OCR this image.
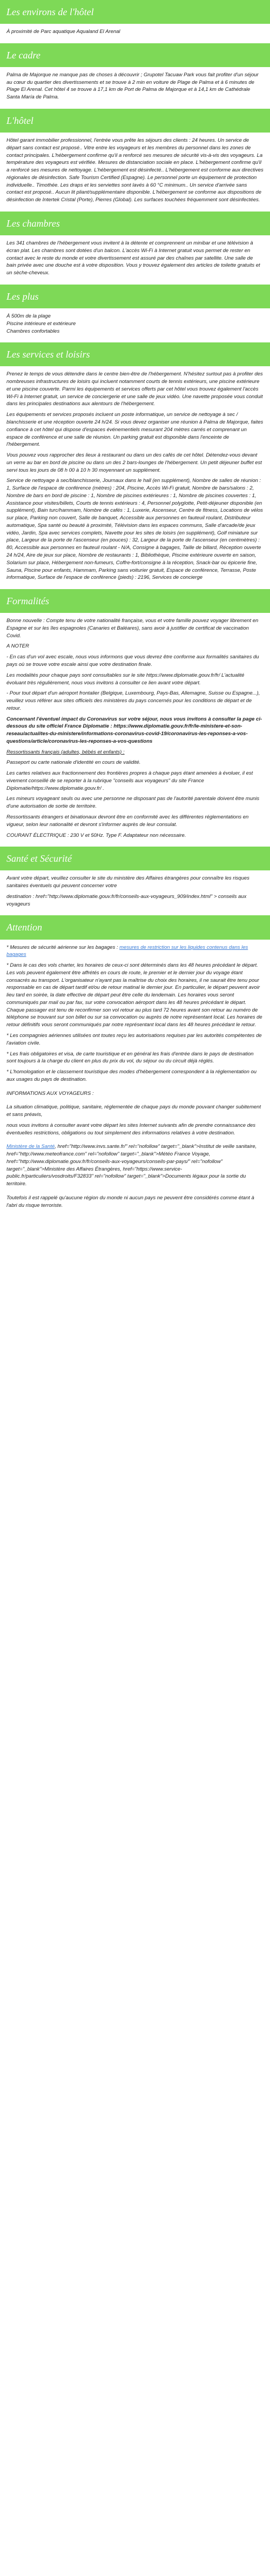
Les environs de l'hôtel

À proximité de Parc aquatique Aqualand El Arenal

Le cadre

Palma de Majorque ne manque pas de choses à découvrir ; Grupotel Tacuaw Park vous fait profiter d'un séjour au cœur du quartier des divertissements et se trouve à 2 min en voiture de Plage de Palma et à 6 minutes de Plage El Arenal. Cet hôtel 4 se trouve à 17,1 km de Port de Palma de Majorque et à 14,1 km de Cathédrale Santa María de Palma.

L'hôtel

Hôtel garant immobilier professionnel, l'entrée vous prête les séjours des clients : 24 heures. Un service de départ sans contact est proposé.. Vitre entre les voyageurs et les membres du personnel dans les zones de contact principales. L'hébergement confirme qu'il a renforcé ses mesures de sécurité vis-à-vis des voyageurs. La température des voyageurs est vérifiée. Mesures de distanciation sociale en place. L'hébergement confirme qu'il a renforcé ses mesures de nettoyage. L'hébergement est désinfecté.. L'hébergement est conforme aux directives régionales de désinfection. Safe Tourism Certified (Espagne). Le personnel porte un équipement de protection individuelle.. Timothée. Les draps et les serviettes sont lavés à 60 °C minimum.. Un service d'arrivée sans contact est proposé.. Aucun lit pliant/supplémentaire disponible. L'hébergement se conforme aux dispositions de désinfection de Intertek Cristal (Porte), Pierres (Global). Les surfaces touchées fréquemment sont désinfectées.

Les chambres

Les 341 chambres de l'hébergement vous invitent à la détente et comprennent un minibar et une télévision à écran plat. Les chambres sont dotées d'un balcon. L'accès Wi-Fi à Internet gratuit vous permet de rester en contact avec le reste du monde et votre divertissement est assuré par des chaînes par satellite. Une salle de bain privée avec une douche est à votre disposition. Vous y trouvez également des articles de toilette gratuits et un sèche-cheveux.

Les plus
À 500m de la plage
Piscine intérieure et extérieure
Chambres confortables
Les services et loisirs

Prenez le temps de vous détendre dans le centre bien-être de l'hébergement. N'hésitez surtout pas à profiter des nombreuses infrastructures de loisirs qui incluent notamment courts de tennis extérieurs, une piscine extérieure et une piscine couverte. Parmi les équipements et services offerts par cet hôtel vous trouvez également l'accès Wi-Fi à Internet gratuit, un service de conciergerie et une salle de jeux vidéo. Une navette proposée vous conduit dans les principales destinations aux alentours de l'hébergement.

Les équipements et services proposés incluent un poste informatique, un service de nettoyage à sec / blanchisserie et une réception ouverte 24 h/24. Si vous devez organiser une réunion à Palma de Majorque, faites confiance à cet hôtel qui dispose d'espaces événementiels mesurant 204 mètres carrés et comprenant un espace de conférence et une salle de réunion. Un parking gratuit est disponible dans l'enceinte de l'hébergement.

Vous pouvez vous rapprocher des lieux à restaurant ou dans un des cafés de cet hôtel. Détendez-vous devant un verre au bar en bord de piscine ou dans un des 2 bars-lounges de l'hébergement. Un petit déjeuner buffet est servi tous les jours de 08 h 00 à 10 h 30 moyennant un supplément.

Service de nettoyage à sec/blanchisserie, Journaux dans le hall (en supplément), Nombre de salles de réunion : 1, Surface de l'espace de conférence (mètres) : 204, Piscine, Accès Wi-Fi gratuit, Nombre de bars/salons : 2, Nombre de bars en bord de piscine : 1, Nombre de piscines extérieures : 1, Nombre de piscines couvertes : 1, Assistance pour visites/billets, Courts de tennis extérieurs : 4, Personnel polyglotte, Petit-déjeuner disponible (en supplément), Bain turc/hammam, Nombre de cafés : 1, Luxerie, Ascenseur, Centre de fitness, Locations de vélos sur place, Parking non couvert, Salle de banquet, Accessible aux personnes en fauteuil roulant, Distributeur automatique, Spa santé ou beauté à proximité, Télévision dans les espaces communs, Salle d'arcade/de jeux vidéo, Jardin, Spa avec services complets, Navette pour les sites de loisirs (en supplément), Golf miniature sur place, Largeur de la porte de l'ascenseur (en pouces) : 32, Largeur de la porte de l'ascenseur (en centimètres) : 80, Accessible aux personnes en fauteuil roulant - N/A, Consigne à bagages, Taille de billard, Réception ouverte 24 h/24, Aire de jeux sur place, Nombre de restaurants : 1, Bibliothèque, Piscine extérieure ouverte en saison, Solarium sur place, Hébergement non-fumeurs, Coffre-fort/consigne à la réception, Snack-bar ou épicerie fine, Sauna, Piscine pour enfants, Hammam, Parking sans voiturier gratuit, Espace de conférence, Terrasse, Poste informatique, Surface de l'espace de conférence (pieds) : 2196, Services de concierge

Formalités

Bonne nouvelle : Compte tenu de votre nationalité française, vous et votre famille pouvez voyager librement en Espagne et sur les îles espagnoles (Canaries et Baléares), sans avoir à justifier de certificat de vaccination Covid.

A NOTER

- En cas d'un vol avec escale, nous vous informons que vous devrez être conforme aux formalités sanitaires du pays où se trouve votre escale ainsi que votre destination finale.

Les modalités pour chaque pays sont consultables sur le site https://www.diplomatie.gouv.fr/fr/ L'actualité évoluant très régulièrement, nous vous invitons à consulter ce lien avant votre départ.

- Pour tout départ d'un aéroport frontalier (Belgique, Luxembourg, Pays-Bas, Allemagne, Suisse ou Espagne...), veuillez vous référer aux sites officiels des ministères du pays concernés pour les conditions de départ et de retour.

Concernant l'éventuel impact du Coronavirus sur votre séjour, nous vous invitons à consulter la page ci-dessous du site officiel France Diplomatie : https://www.diplomatie.gouv.fr/fr/le-ministere-et-son-reseau/actualites-du-ministere/informations-coronavirus-covid-19/coronavirus-les-reponses-a-vos-questions/article/coronavirus-les-reponses-a-vos-questions

Ressortissants français (adultes, bébés et enfants) :

Passeport ou carte nationale d'identité en cours de validité.

Les cartes relatives aux fractionnement des frontières propres à chaque pays étant amenées à évoluer, il est vivement conseillé de se reporter à la rubrique "conseils aux voyageurs" du site France Diplomatie/https://www.diplomatie.gouv.fr/ .

Les mineurs voyageant seuls ou avec une personne ne disposant pas de l'autorité parentale doivent être munis d'une autorisation de sortie de territoire.

Ressortissants étrangers et binationaux devront être en conformité avec les différentes réglementations en vigueur, selon leur nationalité et devront s'informer auprès de leur consulat.

COURANT ÉLECTRIQUE : 230 V et 50Hz. Type F. Adaptateur non nécessaire.

Santé et Sécurité

Avant votre départ, veuillez consulter le site du ministère des Affaires étrangères pour connaître les risques sanitaires éventuels qui peuvent concerner votre

destination : href="http://www.diplomatie.gouv.fr/fr/conseils-aux-voyageurs_909/index.html" > conseils aux voyageurs

Attention

* Mesures de sécurité aérienne sur les bagages : mesures de restriction sur les liquides contenus dans les bagages

* Dans le cas des vols charter, les horaires de ceux-ci sont déterminés dans les 48 heures précédant le départ. Les vols peuvent également être affrétés en cours de route, le premier et le dernier jour du voyage étant consacrés au transport. L'organisateur n'ayant pas la maîtrise du choix des horaires, il ne saurait être tenu pour responsable en cas de départ tardif et/ou de retour matinal le dernier jour. En particulier, le départ peuvent avoir lieu tard en soirée, la date effective de départ peut être celle du lendemain. Les horaires vous seront communiqués par mail ou par fax, sur votre convocation aéroport dans les 48 heures précédant le départ. Chaque passager est tenu de reconfirmer son vol retour au plus tard 72 heures avant son retour au numéro de téléphone se trouvant sur son billet ou sur sa convocation ou auprès de notre représentant local. Les horaires de retour définitifs vous seront communiqués par notre représentant local dans les 48 heures précédant le retour.

* Les compagnies aériennes utilisées ont toutes reçu les autorisations requises par les autorités compétentes de l'aviation civile.

* Les frais obligatoires et visa, de carte touristique et en général les frais d'entrée dans le pays de destination sont toujours à la charge du client en plus du prix du vol, du séjour ou du circuit déjà réglés.

* L'homologation et le classement touristique des modes d'hébergement correspondent à la réglementation ou aux usages du pays de destination.

INFORMATIONS AUX VOYAGEURS :

La situation climatique, politique, sanitaire, réglementée de chaque pays du monde pouvant changer subitement et sans préavis,

nous vous invitons à consulter avant votre départ les sites Internet suivants afin de prendre connaissance des éventuelles restrictions, obligations ou tout simplement des informations relatives à votre destination.

Ministère de la Santé, href="http://www.invs.sante.fr/" rel="nofollow" target="_blank">Institut de veille sanitaire, href="http://www.meteofrance.com" rel="nofollow" target="_blank">Météo France Voyage, href="http://www.diplomatie.gouv.fr/fr/conseils-aux-voyageurs/conseils-par-pays/" rel="nofollow" target="_blank">Ministère des Affaires Étrangères, href="https://www.service-public.fr/particuliers/vosdroits/F32833" rel="nofollow" target="_blank">Documents légaux pour la sortie du territoire.

Toutefois il est rappelé qu'aucune région du monde ni aucun pays ne peuvent être considérés comme étant à l'abri du risque terroriste.
